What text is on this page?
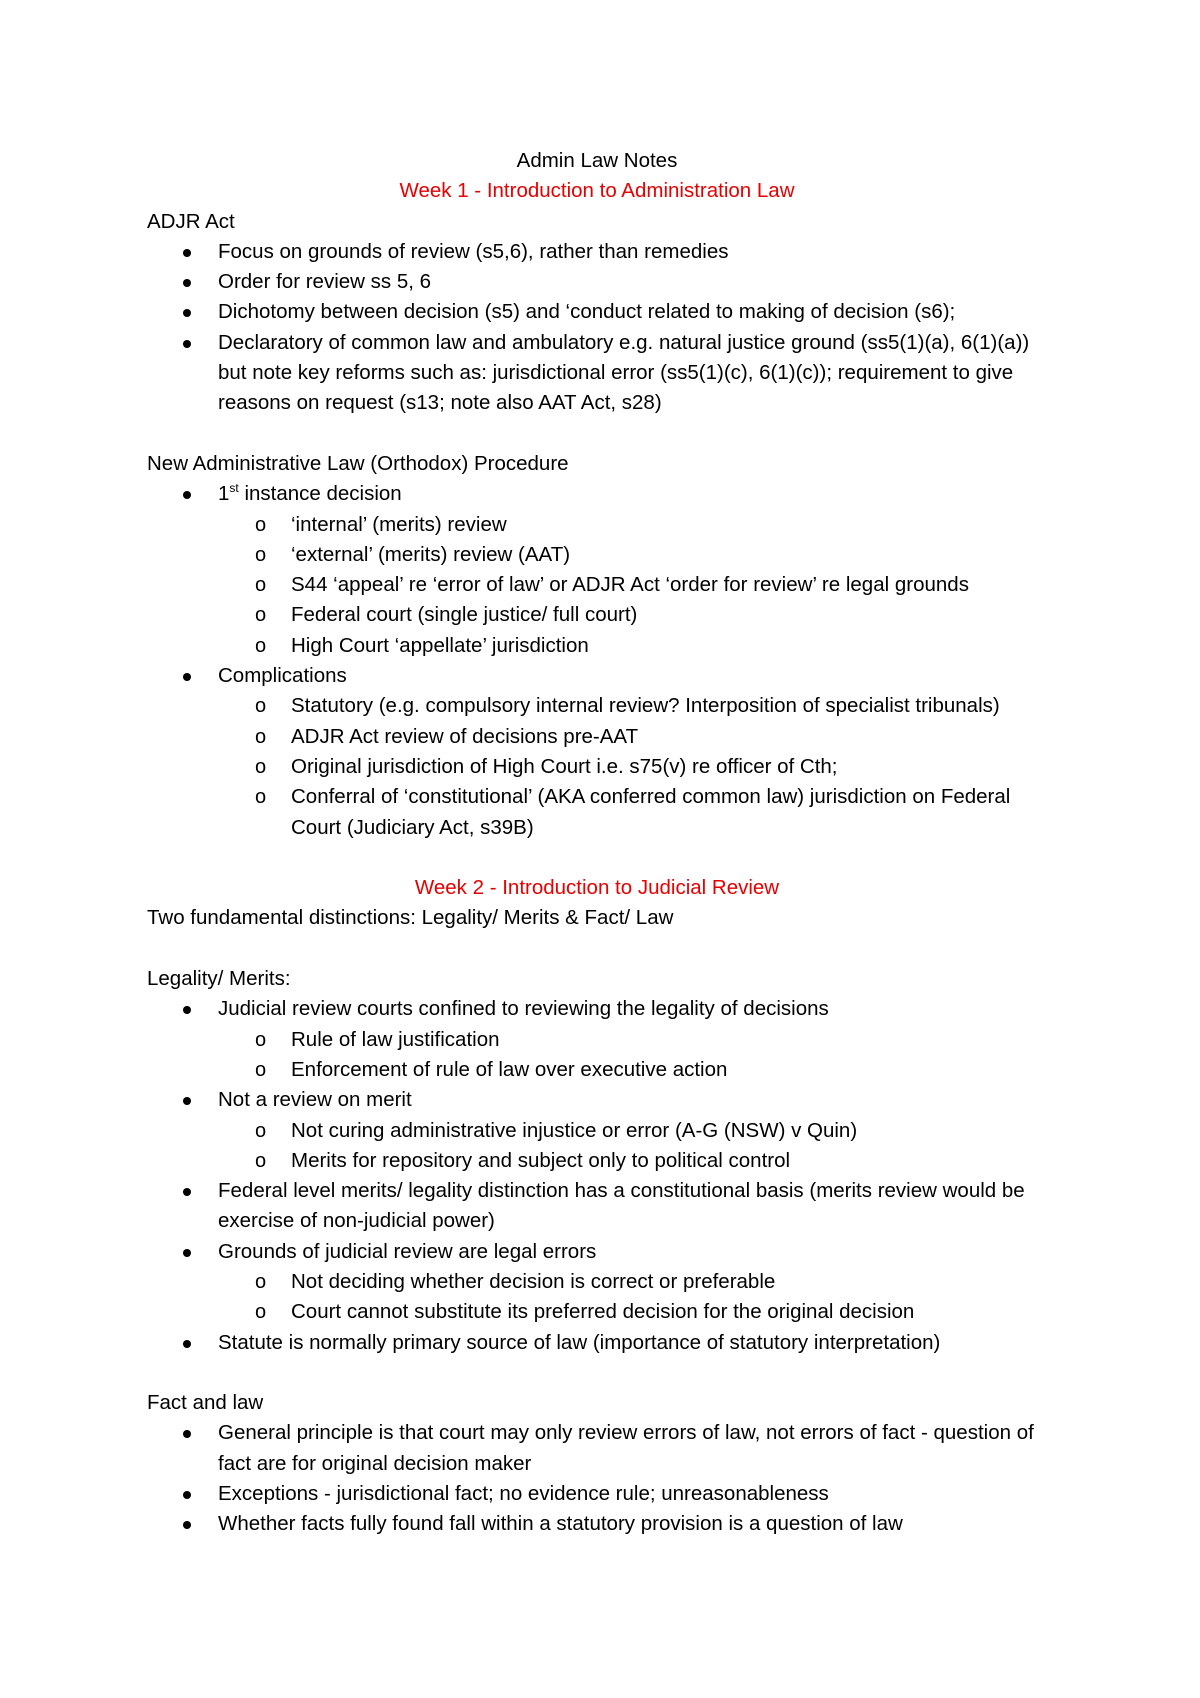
Admin Law Notes
Week 1 - Introduction to Administration Law
ADJR Act
Focus on grounds of review (s5,6), rather than remedies
Order for review ss 5, 6
Dichotomy between decision (s5) and ‘conduct related to making of decision (s6);
Declaratory of common law and ambulatory e.g. natural justice ground (ss5(1)(a), 6(1)(a)) but note key reforms such as: jurisdictional error (ss5(1)(c), 6(1)(c)); requirement to give reasons on request (s13; note also AAT Act, s28)
New Administrative Law (Orthodox) Procedure
1st instance decision
o ‘internal’ (merits) review
o ‘external’ (merits) review (AAT)
o S44 ‘appeal’ re ‘error of law’ or ADJR Act ‘order for review’ re legal grounds
o Federal court (single justice/ full court)
o High Court ‘appellate’ jurisdiction
Complications
o Statutory (e.g. compulsory internal review? Interposition of specialist tribunals)
o ADJR Act review of decisions pre-AAT
o Original jurisdiction of High Court i.e. s75(v) re officer of Cth;
o Conferral of ‘constitutional’ (AKA conferred common law) jurisdiction on Federal Court (Judiciary Act, s39B)
Week 2 - Introduction to Judicial Review
Two fundamental distinctions: Legality/ Merits & Fact/ Law
Legality/ Merits:
Judicial review courts confined to reviewing the legality of decisions
o Rule of law justification
o Enforcement of rule of law over executive action
Not a review on merit
o Not curing administrative injustice or error (A-G (NSW) v Quin)
o Merits for repository and subject only to political control
Federal level merits/ legality distinction has a constitutional basis (merits review would be exercise of non-judicial power)
Grounds of judicial review are legal errors
o Not deciding whether decision is correct or preferable
o Court cannot substitute its preferred decision for the original decision
Statute is normally primary source of law (importance of statutory interpretation)
Fact and law
General principle is that court may only review errors of law, not errors of fact - question of fact are for original decision maker
Exceptions - jurisdictional fact; no evidence rule; unreasonableness
Whether facts fully found fall within a statutory provision is a question of law
